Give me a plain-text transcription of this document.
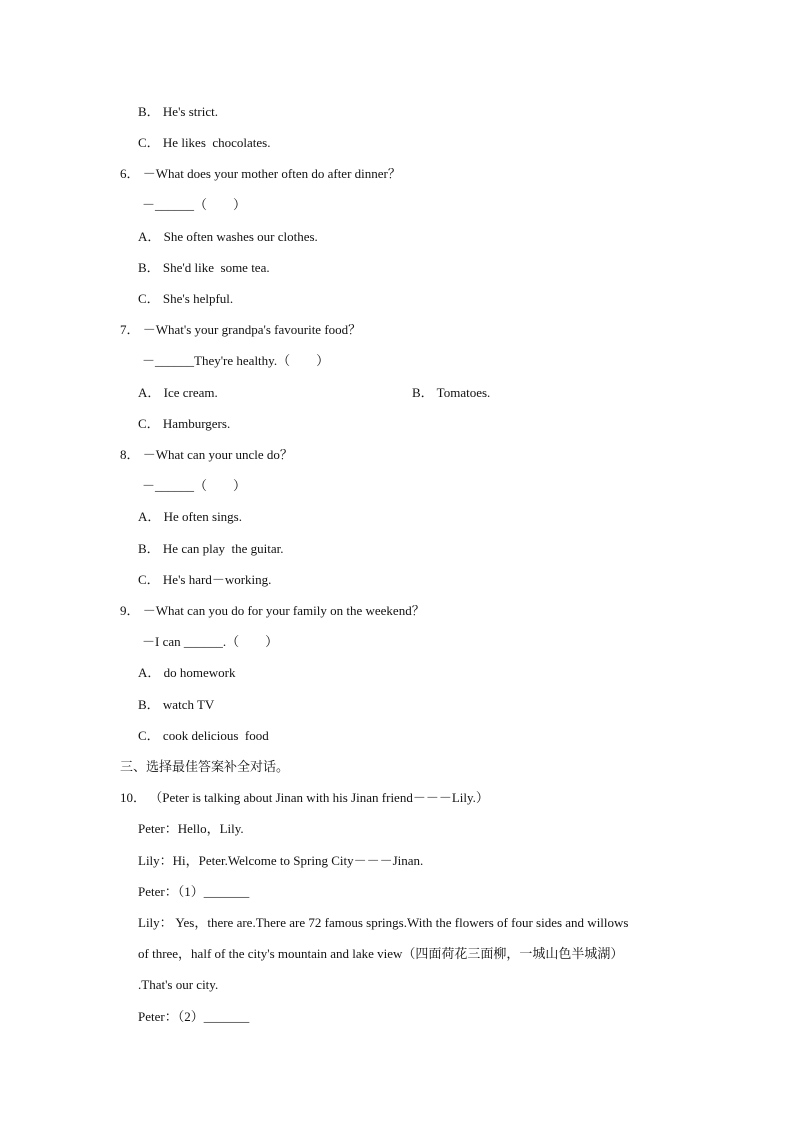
B． He's strict.
C． He likes  chocolates.
6． －What does your mother often do after dinner？
－______（　　）
A． She often washes our clothes.
B． She'd like  some tea.
C． She's helpful.
7． －What's your grandpa's favourite food？
－______They're healthy.（　　）
A． Ice cream.	B． Tomatoes.
C． Hamburgers.
8． －What can your uncle do？
－______（　　）
A． He often sings.
B． He can play  the guitar.
C． He's hard－working.
9． －What can you do for your family on the weekend？
－I can ______.（　　）
A． do homework
B． watch TV
C． cook delicious  food
三、选择最佳答案补全对话。
10． （Peter is talking about Jinan with his Jinan friend－－－Lily.）
Peter：Hello，Lily.
Lily：Hi，Peter.Welcome to Spring City－－－Jinan.
Peter：（1）_______
Lily： Yes，there are.There are 72 famous springs.With the flowers of four sides and willows
of three，half of the city's mountain and lake view（四面荷花三面柳，一城山色半城湖）
.That's our city.
Peter：（2）_______
